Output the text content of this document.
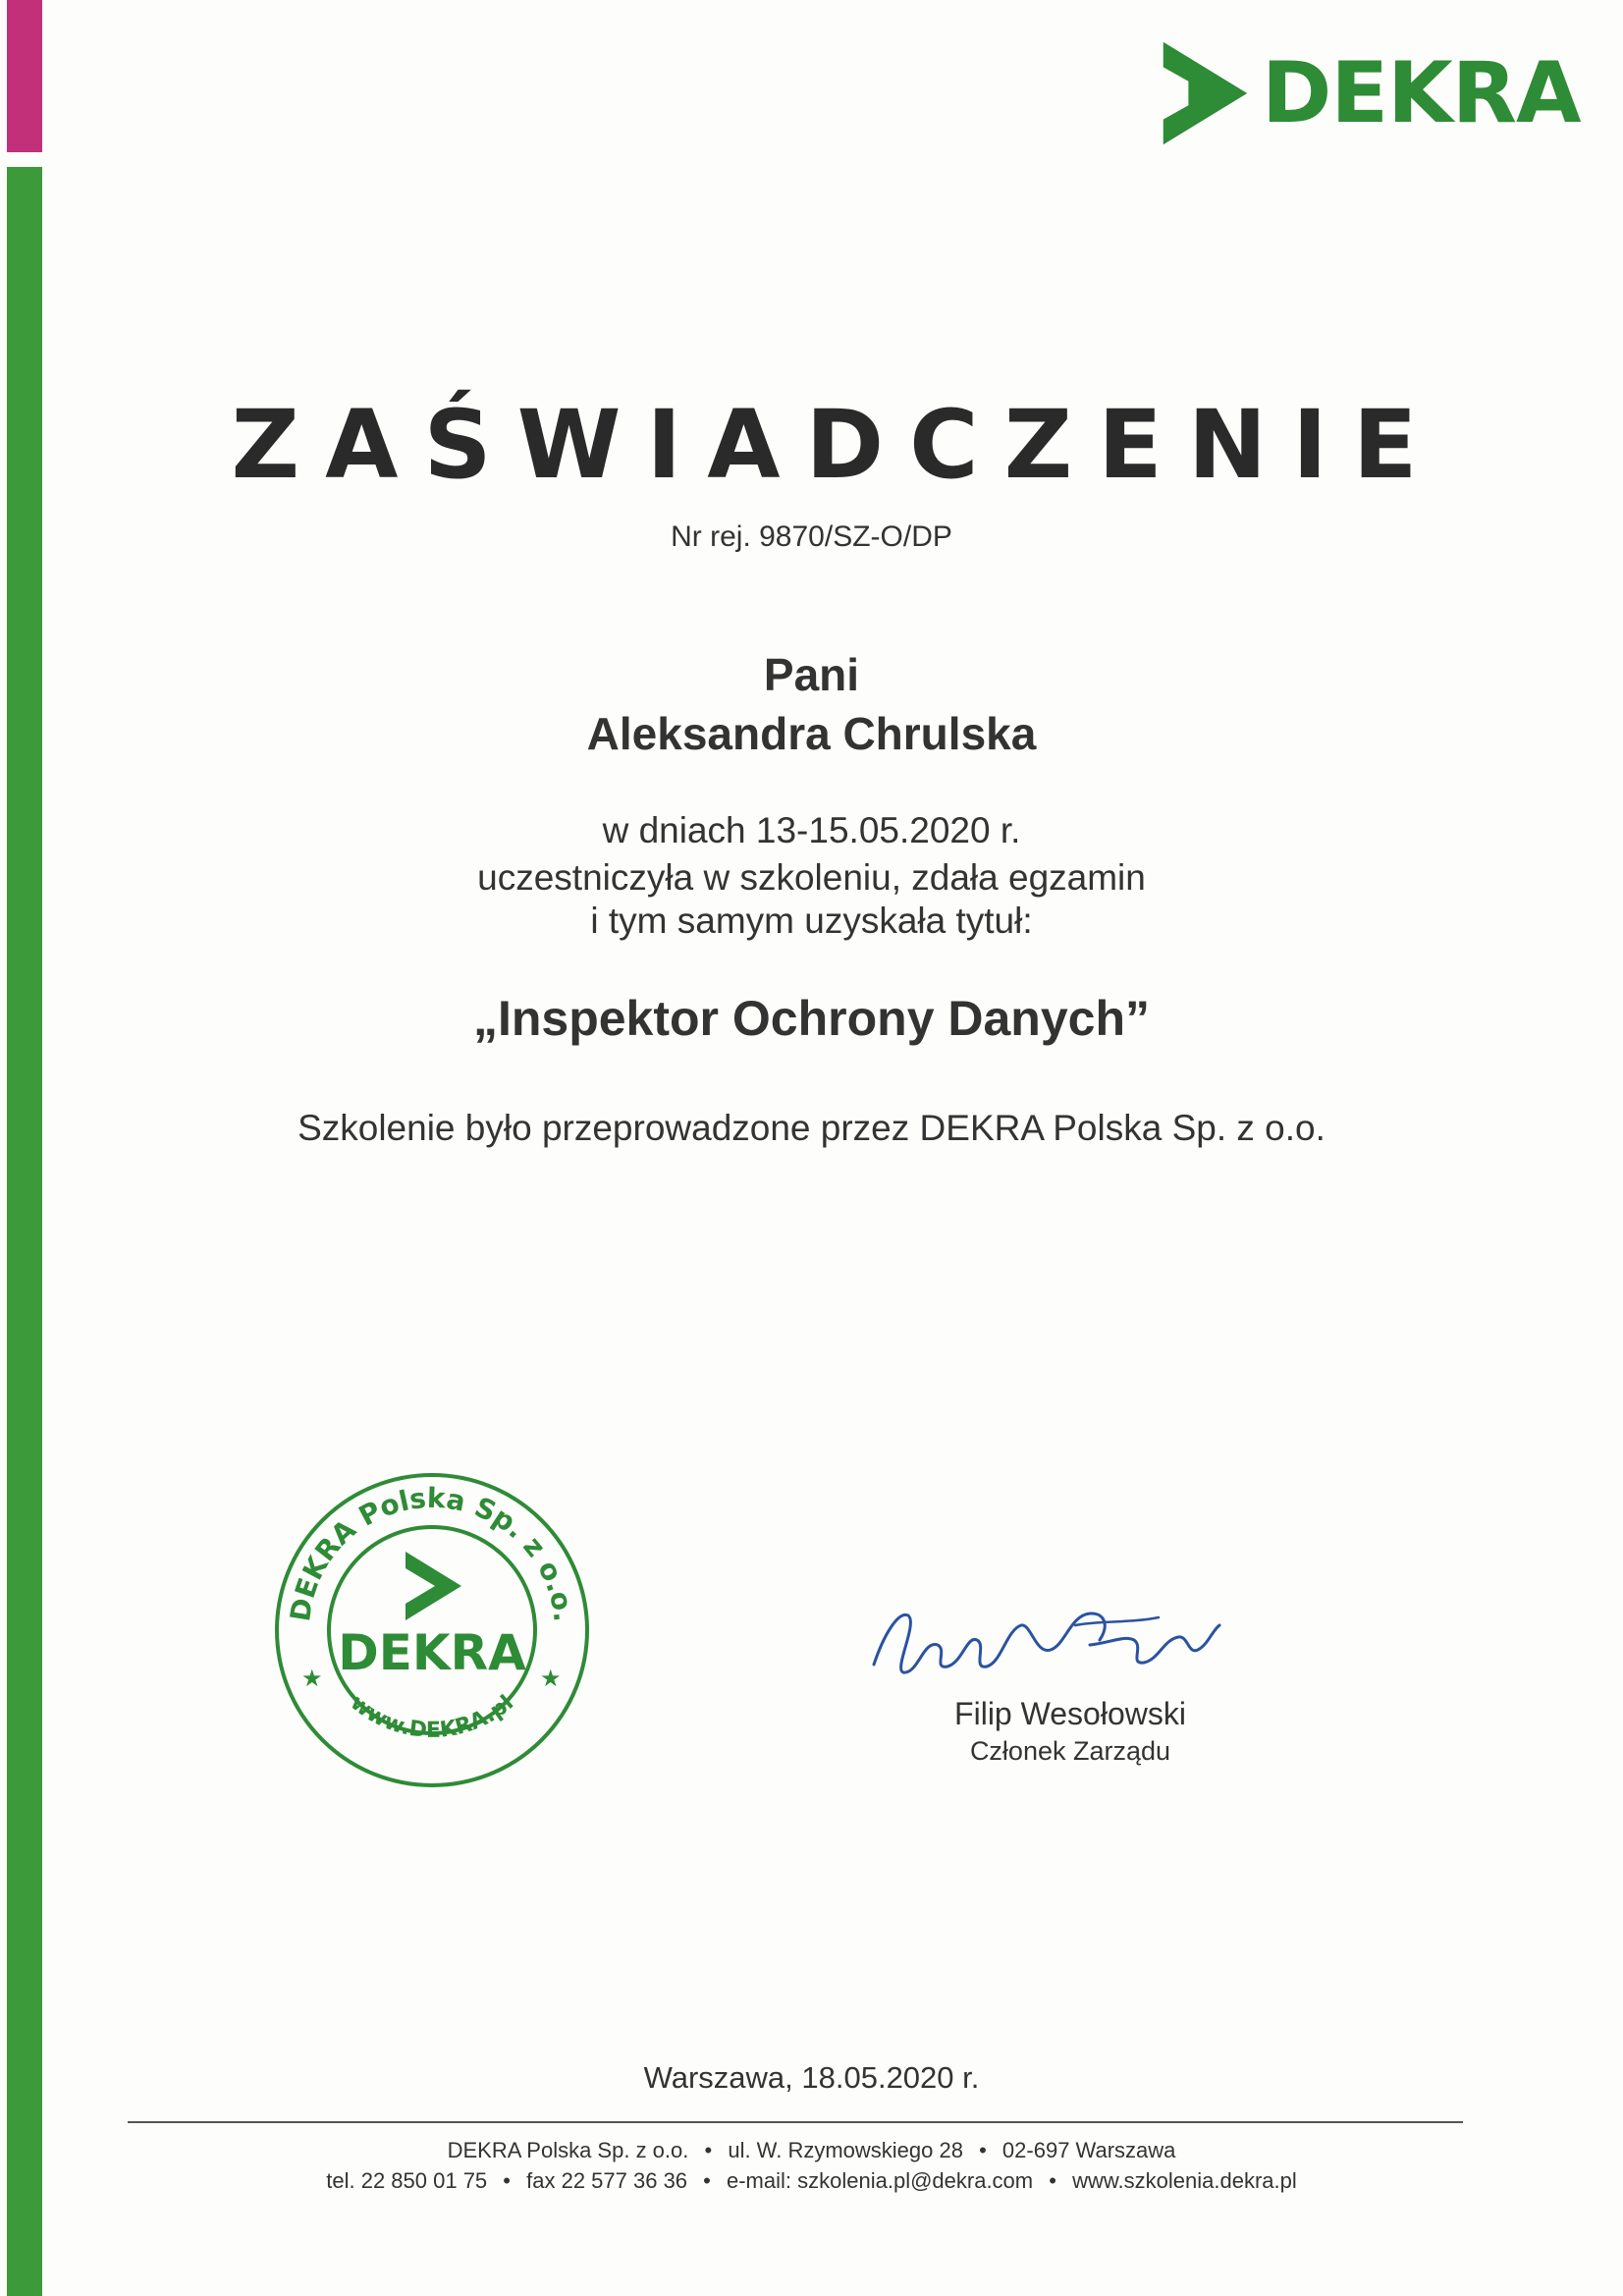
DEKRA
ZAŚWIADCZENIE
Nr rej. 9870/SZ-O/DP
Pani
Aleksandra Chrulska
w dniach 13-15.05.2020 r.
uczestniczyła w szkoleniu, zdała egzamin
i tym samym uzyskała tytuł:
„Inspektor Ochrony Danych”
Szkolenie było przeprowadzone przez DEKRA Polska Sp. z o.o.
DEKRA Polska Sp. z o.o.
www.DEKRA.pl
DEKRA
★	★
Filip Wesołowski
Członek Zarządu
Warszawa, 18.05.2020 r.
DEKRA Polska Sp. z o.o. • ul. W. Rzymowskiego 28 • 02-697 Warszawa
tel. 22 850 01 75 • fax 22 577 36 36 • e-mail: szkolenia.pl@dekra.com • www.szkolenia.dekra.pl
